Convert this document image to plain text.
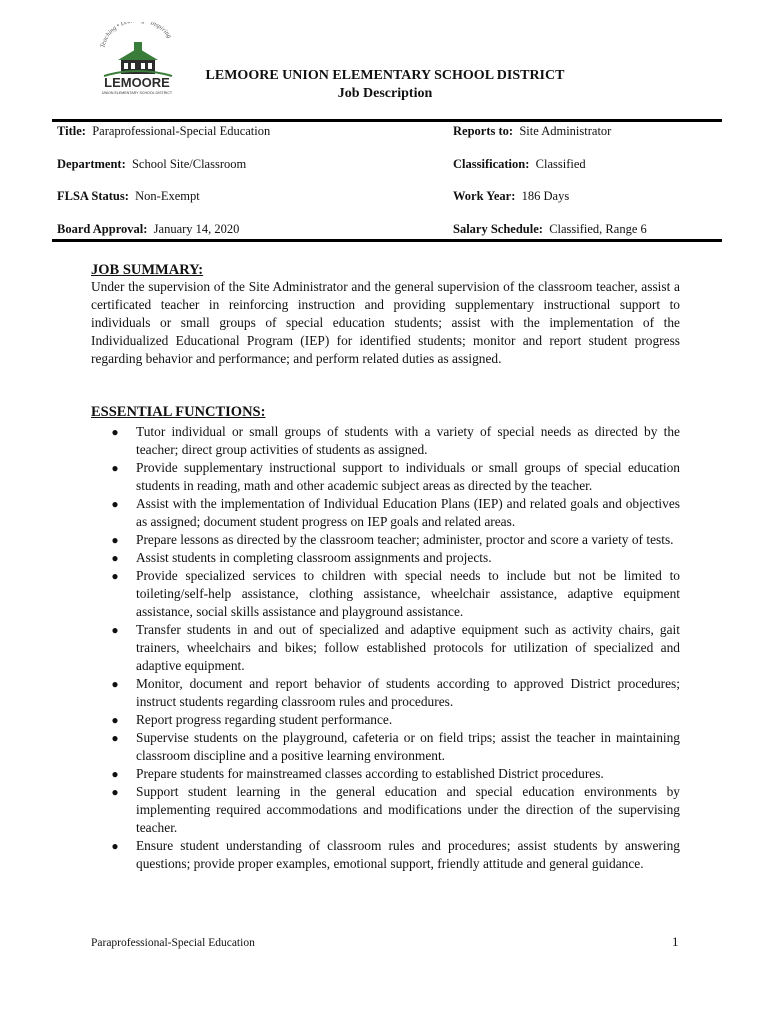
Teaching • Le Inspiring
LEMOORE
UNION ELEMENTARY SCHOOL DISTRICT
LEMOORE UNION ELEMENTARY SCHOOL DISTRICT
Job Description
Title: Paraprofessional-Special Education	Reports to: Site Administrator
Department: School Site/Classroom	Classification: Classified
FLSA Status: Non-Exempt	Work Year: 186 Days
Board Approval: January 14, 2020	Salary Schedule: Classified, Range 6
JOB SUMMARY:
Under the supervision of the Site Administrator and the general supervision of the classroom teacher, assist a certificated teacher in reinforcing instruction and providing supplementary instructional support to individuals or small groups of special education students; assist with the implementation of the Individualized Educational Program (IEP) for identified students; monitor and report student progress regarding behavior and performance; and perform related duties as assigned.
ESSENTIAL FUNCTIONS:
● Tutor individual or small groups of students with a variety of special needs as directed by the teacher; direct group activities of students as assigned.
● Provide supplementary instructional support to individuals or small groups of special education students in reading, math and other academic subject areas as directed by the teacher.
● Assist with the implementation of Individual Education Plans (IEP) and related goals and objectives as assigned; document student progress on IEP goals and related areas.
● Prepare lessons as directed by the classroom teacher; administer, proctor and score a variety of tests.
● Assist students in completing classroom assignments and projects.
● Provide specialized services to children with special needs to include but not be limited to toileting/self-help assistance, clothing assistance, wheelchair assistance, adaptive equipment assistance, social skills assistance and playground assistance.
● Transfer students in and out of specialized and adaptive equipment such as activity chairs, gait trainers, wheelchairs and bikes; follow established protocols for utilization of specialized and adaptive equipment.
● Monitor, document and report behavior of students according to approved District procedures; instruct students regarding classroom rules and procedures.
● Report progress regarding student performance.
● Supervise students on the playground, cafeteria or on field trips; assist the teacher in maintaining classroom discipline and a positive learning environment.
● Prepare students for mainstreamed classes according to established District procedures.
● Support student learning in the general education and special education environments by implementing required accommodations and modifications under the direction of the supervising teacher.
● Ensure student understanding of classroom rules and procedures; assist students by answering questions; provide proper examples, emotional support, friendly attitude and general guidance.
Paraprofessional-Special Education	1
